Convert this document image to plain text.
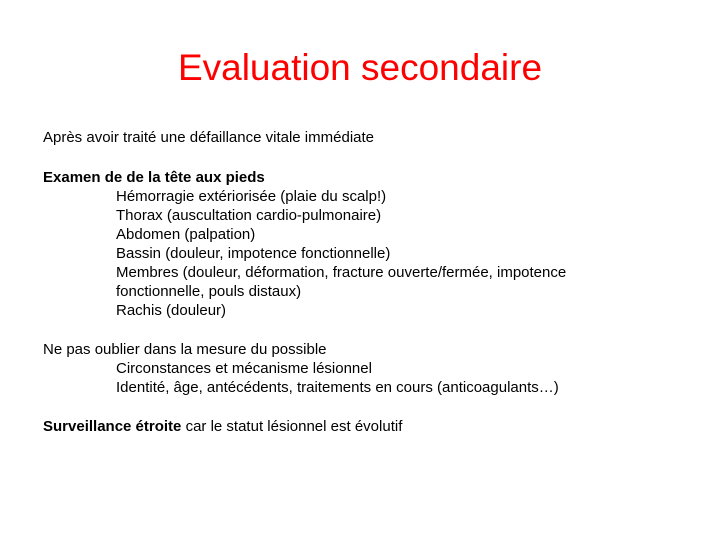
Evaluation secondaire

Après avoir traité une défaillance vitale immédiate

Examen de de la tête aux pieds

Hémorragie extériorisée (plaie du scalp!)

Thorax (auscultation cardio-pulmonaire)

Abdomen (palpation)

Bassin (douleur, impotence fonctionnelle)

Membres (douleur, déformation, fracture ouverte/fermée, impotence fonctionnelle, pouls distaux)

Rachis (douleur)

Ne pas oublier dans la mesure du possible

Circonstances et mécanisme lésionnel

Identité, âge, antécédents, traitements en cours (anticoagulants…)

Surveillance étroite car le statut lésionnel est évolutif
